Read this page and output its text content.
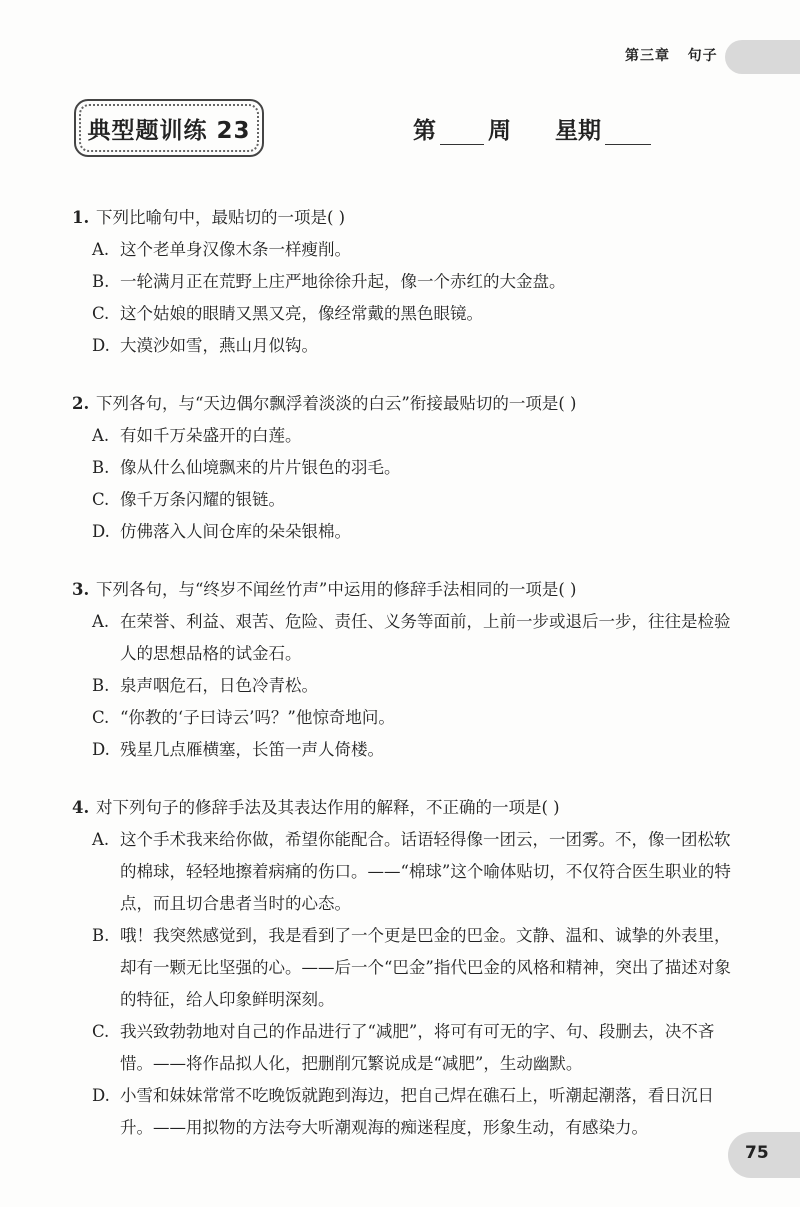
第三章   句子
典型题训练 23	第 周 星期
1. 下列比喻句中，最贴切的一项是( )
A. 这个老单身汉像木条一样瘦削。
B. 一轮满月正在荒野上庄严地徐徐升起，像一个赤红的大金盘。
C. 这个姑娘的眼睛又黑又亮，像经常戴的黑色眼镜。
D. 大漠沙如雪，燕山月似钩。
2. 下列各句，与“天边偶尔飘浮着淡淡的白云”衔接最贴切的一项是( )
A. 有如千万朵盛开的白莲。
B. 像从什么仙境飘来的片片银色的羽毛。
C. 像千万条闪耀的银链。
D. 仿佛落入人间仓库的朵朵银棉。
3. 下列各句，与“终岁不闻丝竹声”中运用的修辞手法相同的一项是( )
A. 在荣誉、利益、艰苦、危险、责任、义务等面前，上前一步或退后一步，往往是检验人的思想品格的试金石。
B. 泉声咽危石，日色冷青松。
C. “你教的‘子曰诗云’吗？”他惊奇地问。
D. 残星几点雁横塞，长笛一声人倚楼。
4. 对下列句子的修辞手法及其表达作用的解释，不正确的一项是( )
A. 这个手术我来给你做，希望你能配合。话语轻得像一团云，一团雾。不，像一团松软的棉球，轻轻地擦着病痛的伤口。——“棉球”这个喻体贴切，不仅符合医生职业的特点，而且切合患者当时的心态。
B. 哦！我突然感觉到，我是看到了一个更是巴金的巴金。文静、温和、诚挚的外表里，却有一颗无比坚强的心。——后一个“巴金”指代巴金的风格和精神，突出了描述对象的特征，给人印象鲜明深刻。
C. 我兴致勃勃地对自己的作品进行了“减肥”，将可有可无的字、句、段删去，决不吝惜。——将作品拟人化，把删削冗繁说成是“减肥”，生动幽默。
D. 小雪和妹妹常常不吃晚饭就跑到海边，把自己焊在礁石上，听潮起潮落，看日沉日升。——用拟物的方法夸大听潮观海的痴迷程度，形象生动，有感染力。
75
